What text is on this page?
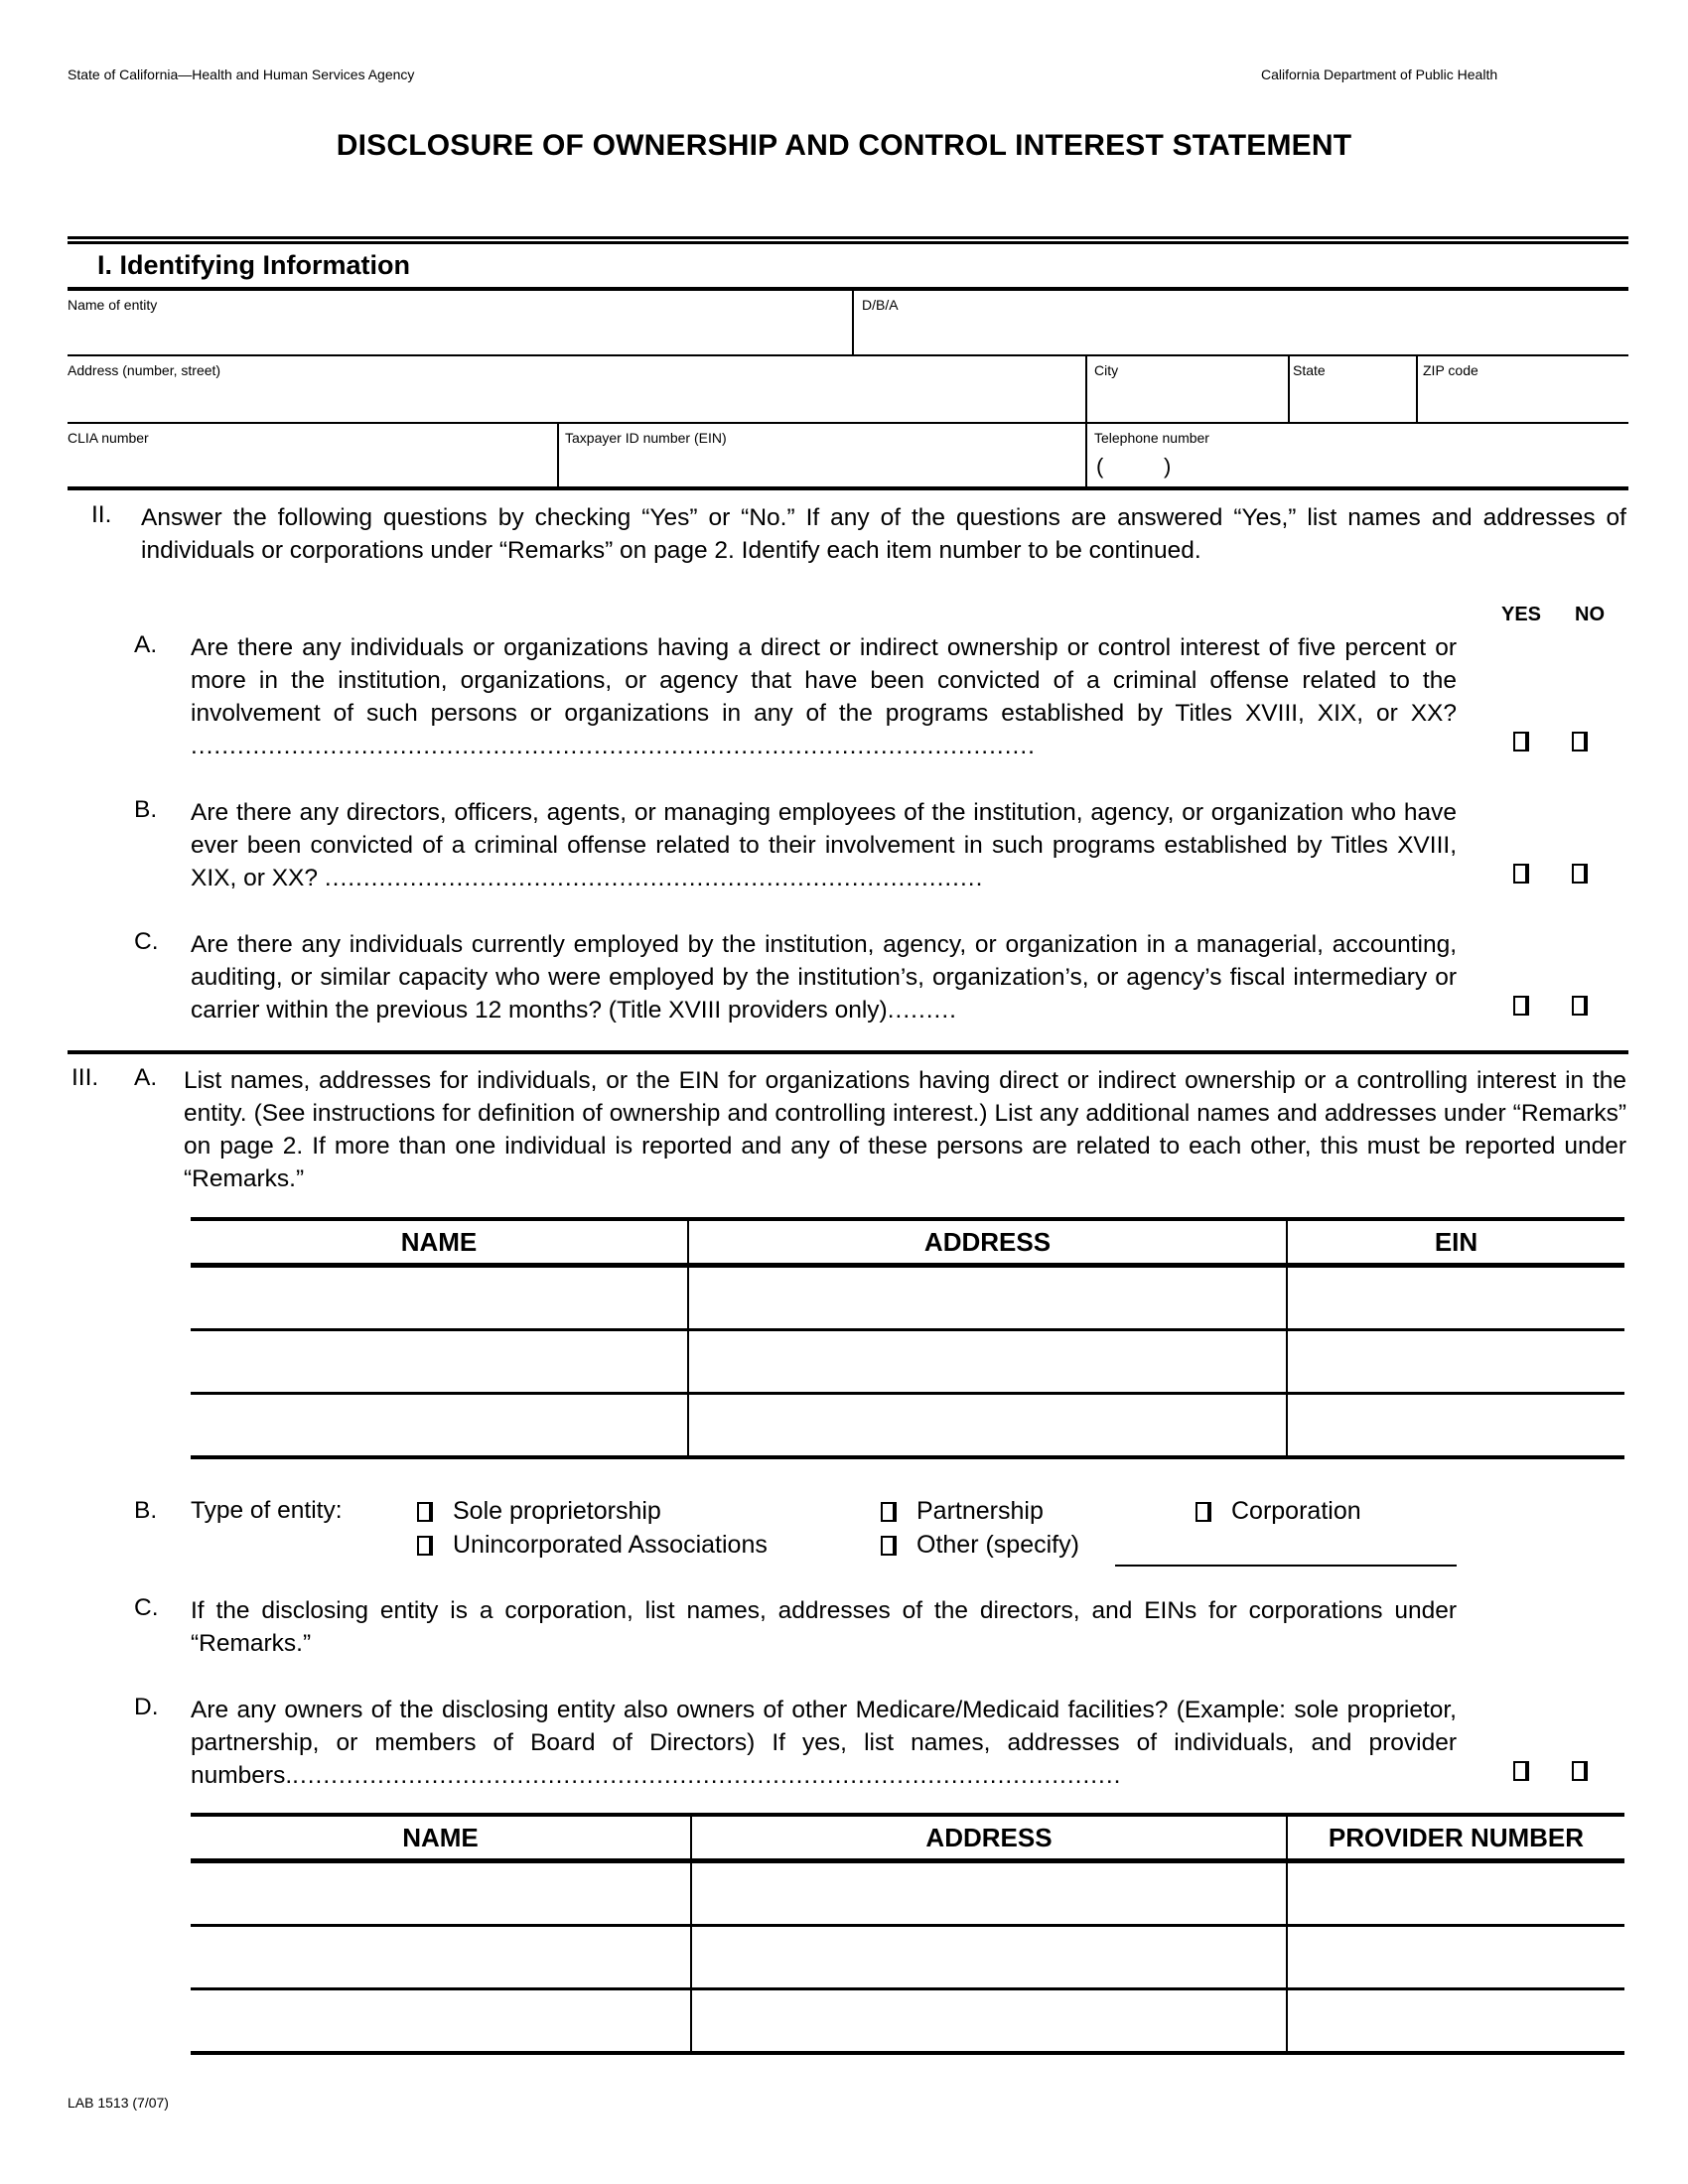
State of California—Health and Human Services Agency	California Department of Public Health
DISCLOSURE OF OWNERSHIP AND CONTROL INTEREST STATEMENT
I. Identifying Information
Name of entity	D/B/A
Address (number, street)	City	State	ZIP code
CLIA number	Taxpayer ID number (EIN)	Telephone number
(	)
II. Answer the following questions by checking “Yes” or “No.” If any of the questions are answered “Yes,” list names and addresses of individuals or corporations under “Remarks” on page 2. Identify each item number to be continued.
YES NO
A. Are there any individuals or organizations having a direct or indirect ownership or control interest of five percent or more in the institution, organizations, or agency that have been convicted of a criminal offense related to the involvement of such persons or organizations in any of the programs established by Titles XVIII, XIX, or XX? .............................................................................................................
B. Are there any directors, officers, agents, or managing employees of the institution, agency, or organization who have ever been convicted of a criminal offense related to their involvement in such programs established by Titles XVIII, XIX, or XX? .....................................................................................
C. Are there any individuals currently employed by the institution, agency, or organization in a managerial, accounting, auditing, or similar capacity who were employed by the institution’s, organization’s, or agency’s fiscal intermediary or carrier within the previous 12 months? (Title XVIII providers only).........
III. A. List names, addresses for individuals, or the EIN for organizations having direct or indirect ownership or a controlling interest in the entity. (See instructions for definition of ownership and controlling interest.) List any additional names and addresses under “Remarks” on page 2. If more than one individual is reported and any of these persons are related to each other, this must be reported under “Remarks.”
NAME	ADDRESS	EIN

B. Type of entity:	Sole proprietorship	Partnership	Corporation
Unincorporated Associations	Other (specify)
C. If the disclosing entity is a corporation, list names, addresses of the directors, and EINs for corporations under “Remarks.”
D. Are any owners of the disclosing entity also owners of other Medicare/Medicaid facilities? (Example: sole proprietor, partnership, or members of Board of Directors) If yes, list names, addresses of individuals, and provider numbers............................................................................................................
NAME	ADDRESS	PROVIDER NUMBER

LAB 1513 (7/07)
